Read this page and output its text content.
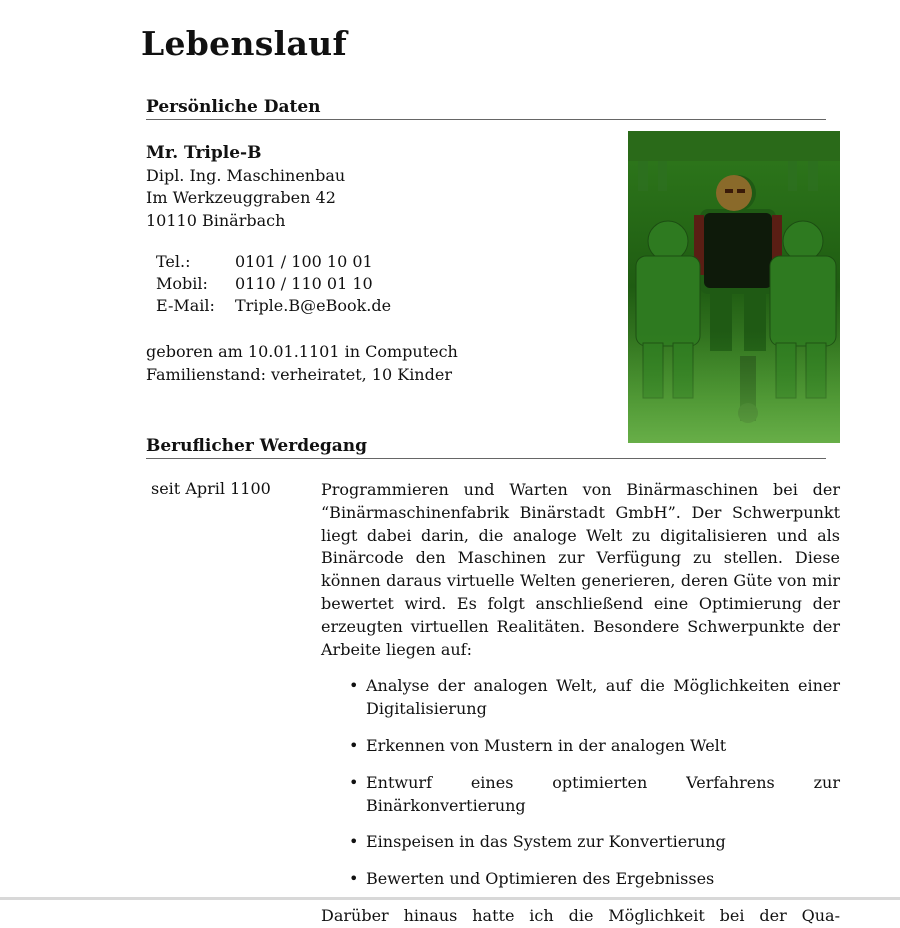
Lebenslauf
Persönliche Daten
Mr. Triple-B
Dipl. Ing. Maschinenbau
Im Werkzeuggraben 42
10110 Binärbach
Tel.:	0101 / 100 10 01
Mobil:	0110 / 110 01 10
E-Mail:	Triple.B@eBook.de
geboren am 10.01.1101 in Computech
Familienstand: verheiratet, 10 Kinder
Beruflicher Werdegang
seit April 1100	Programmieren und Warten von Binärmaschinen bei der “Binärmaschinenfabrik Binärstadt GmbH”. Der Schwerpunkt liegt dabei darin, die analoge Welt zu digitalisieren und als Binärcode den Maschinen zur Verfügung zu stellen. Diese können daraus virtuelle Welten generieren, deren Güte von mir bewertet wird. Es folgt anschließend eine Optimierung der erzeugten virtuellen Realitäten. Besondere Schwerpunkte der Arbeite liegen auf:

• Analyse der analogen Welt, auf die Möglichkeiten einer Digitalisierung
• Erkennen von Mustern in der analogen Welt
• Entwurf eines optimierten Verfahrens zur Binärkonvertierung
• Einspeisen in das System zur Konvertierung
• Bewerten und Optimieren des Ergebnisses

Darüber hinaus hatte ich die Möglichkeit bei der Qua-
